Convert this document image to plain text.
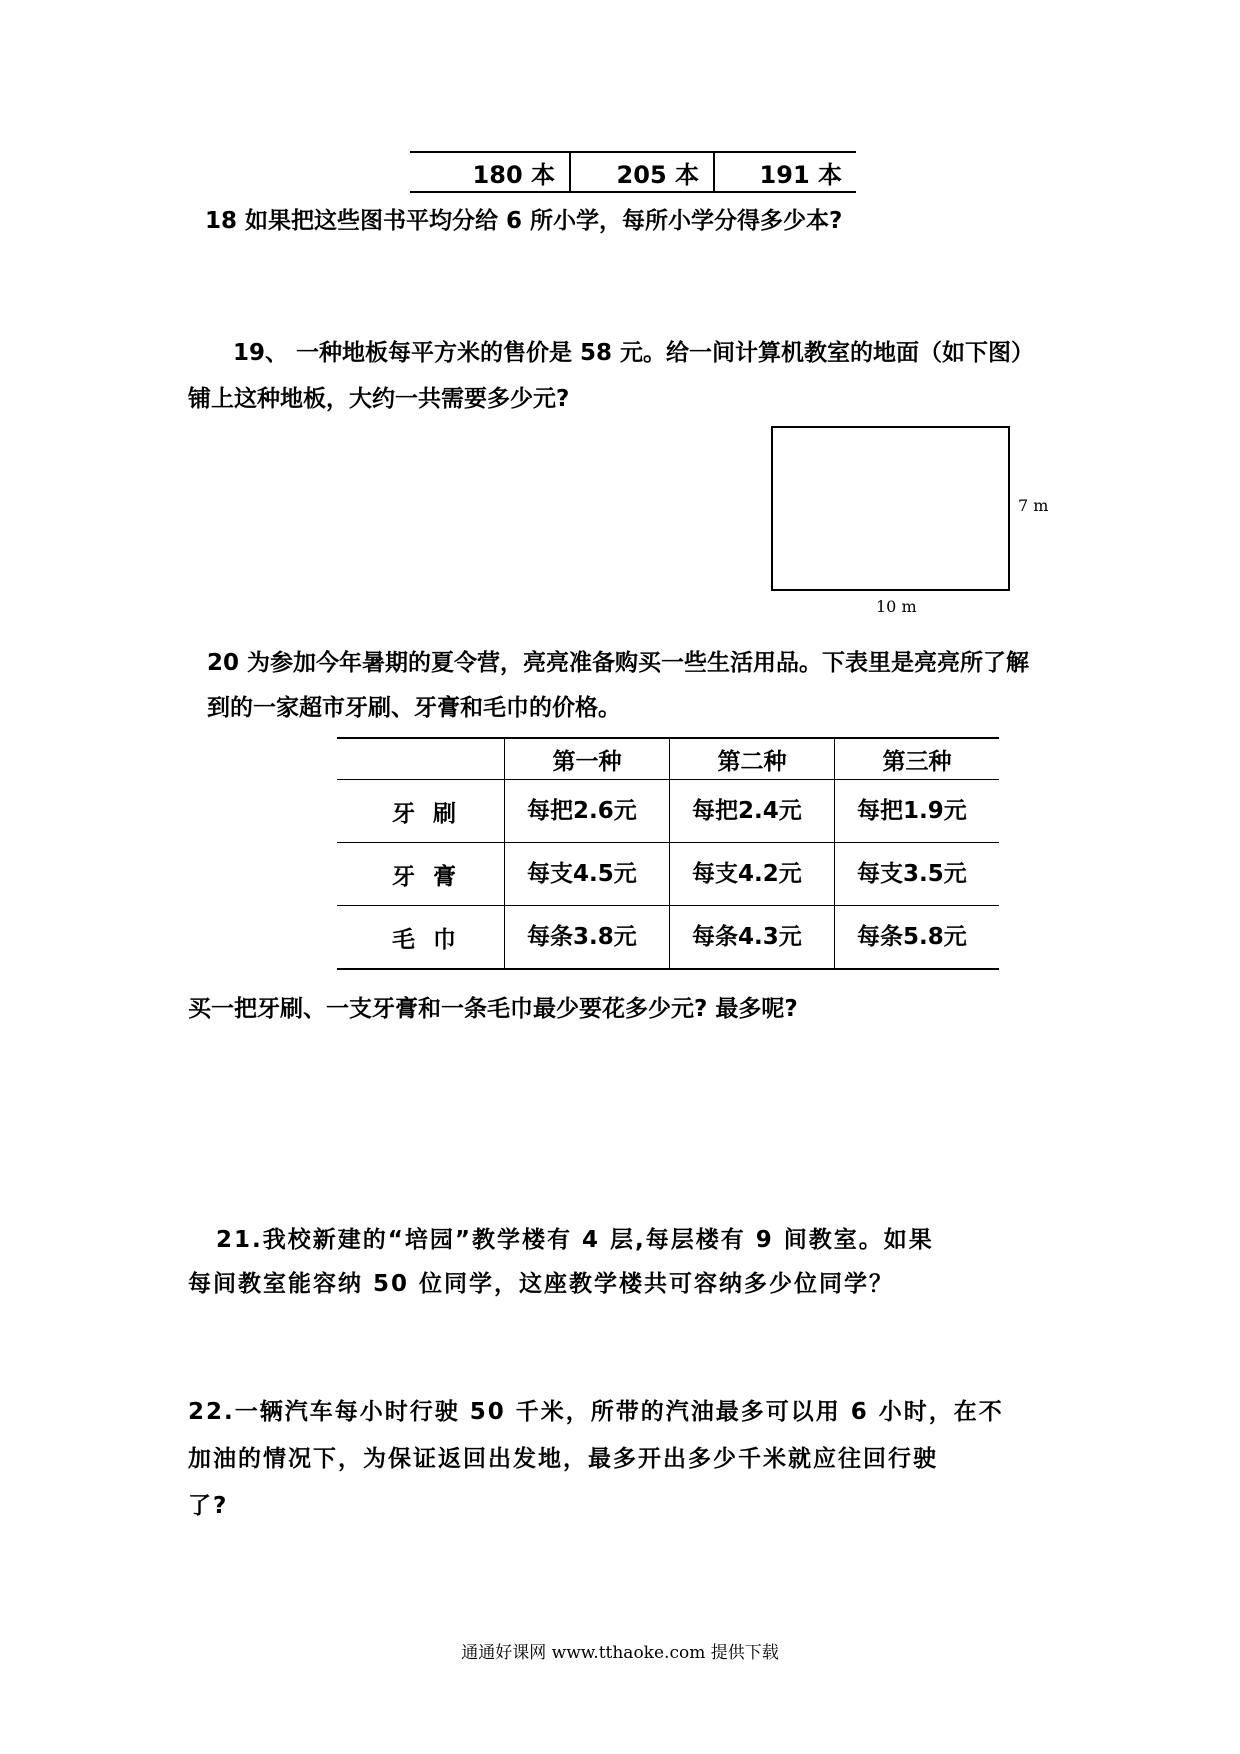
180 本	205 本	191 本
18 如果把这些图书平均分给 6 所小学，每所小学分得多少本?
19、 一种地板每平方米的售价是 58 元。给一间计算机教室的地面（如下图）
铺上这种地板，大约一共需要多少元?
7 m
10 m
20 为参加今年暑期的夏令营，亮亮准备购买一些生活用品。下表里是亮亮所了解
到的一家超市牙刷、牙膏和毛巾的价格。
	第一种	第二种	第三种
牙刷	每把2.6元	每把2.4元	每把1.9元
牙膏	每支4.5元	每支4.2元	每支3.5元
毛巾	每条3.8元	每条4.3元	每条5.8元
买一把牙刷、一支牙膏和一条毛巾最少要花多少元? 最多呢?
21.我校新建的“培园”教学楼有 4 层,每层楼有 9 间教室。如果
每间教室能容纳 50 位同学，这座教学楼共可容纳多少位同学？
22.一辆汽车每小时行驶 50 千米，所带的汽油最多可以用 6 小时，在不
加油的情况下，为保证返回出发地，最多开出多少千米就应往回行驶
了?
通通好课网 www.tthaoke.com 提供下载
